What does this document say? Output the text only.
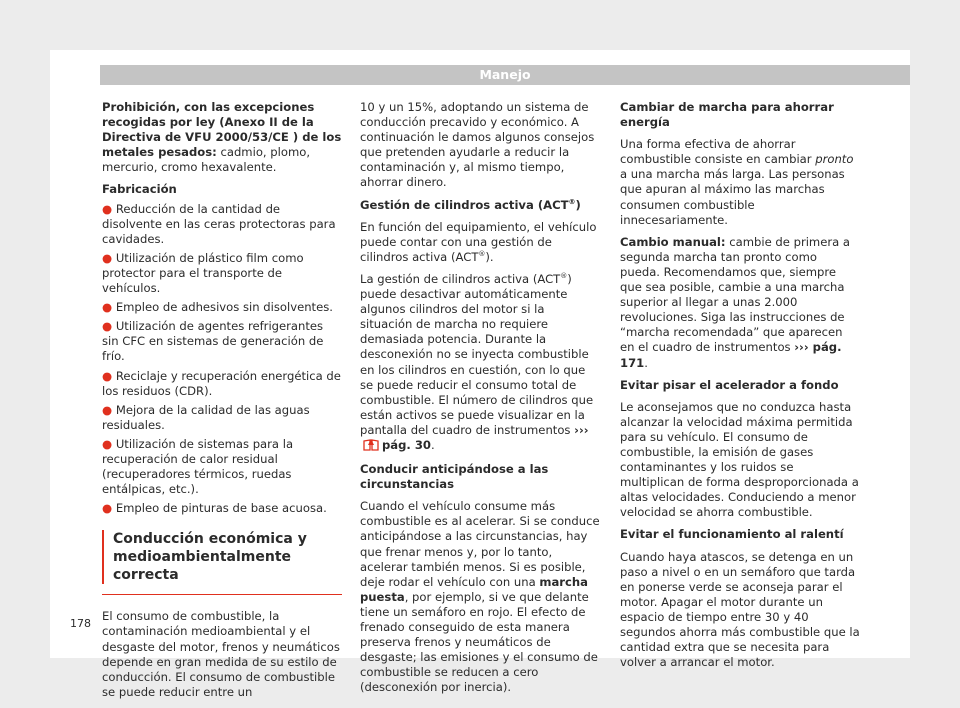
Manejo

Prohibición, con las excepciones recogidas por ley (Anexo II de la Directiva de VFU 2000/53/CE ) de los metales pesados: cadmio, plomo, mercurio, cromo hexavalente.

Fabricación

● Reducción de la cantidad de disolvente en las ceras protectoras para cavidades.
● Utilización de plástico film como protector para el transporte de vehículos.
● Empleo de adhesivos sin disolventes.
● Utilización de agentes refrigerantes sin CFC en sistemas de generación de frío.
● Reciclaje y recuperación energética de los residuos (CDR).
● Mejora de la calidad de las aguas residuales.
● Utilización de sistemas para la recuperación de calor residual (recuperadores térmicos, ruedas entálpicas, etc.).
● Empleo de pinturas de base acuosa.
Conducción económica y medioambientalmente correcta

El consumo de combustible, la contaminación medioambiental y el desgaste del motor, frenos y neumáticos depende en gran medida de su estilo de conducción. El consumo de combustible se puede reducir entre un

10 y un 15%, adoptando un sistema de conducción precavido y económico. A continuación le damos algunos consejos que pretenden ayudarle a reducir la contaminación y, al mismo tiempo, ahorrar dinero.

Gestión de cilindros activa (ACT®)

En función del equipamiento, el vehículo puede contar con una gestión de cilindros activa (ACT®).

La gestión de cilindros activa (ACT®) puede desactivar automáticamente algunos cilindros del motor si la situación de marcha no requiere demasiada potencia. Durante la desconexión no se inyecta combustible en los cilindros en cuestión, con lo que se puede reducir el consumo total de combustible. El número de cilindros que están activos se puede visualizar en la pantalla del cuadro de instrumentos ›››pág. 30.

Conducir anticipándose a las circunstancias

Cuando el vehículo consume más combustible es al acelerar. Si se conduce anticipándose a las circunstancias, hay que frenar menos y, por lo tanto, acelerar también menos. Si es posible, deje rodar el vehículo con una marcha puesta, por ejemplo, si ve que delante tiene un semáforo en rojo. El efecto de frenado conseguido de esta manera preserva frenos y neumáticos de desgaste; las emisiones y el consumo de combustible se reducen a cero (desconexión por inercia).

Cambiar de marcha para ahorrar energía

Una forma efectiva de ahorrar combustible consiste en cambiar pronto a una marcha más larga. Las personas que apuran al máximo las marchas consumen combustible innecesariamente.

Cambio manual: cambie de primera a segunda marcha tan pronto como pueda. Recomendamos que, siempre que sea posible, cambie a una marcha superior al llegar a unas 2.000 revoluciones. Siga las instrucciones de “marcha recomendada” que aparecen en el cuadro de instrumentos ››› pág. 171.

Evitar pisar el acelerador a fondo

Le aconsejamos que no conduzca hasta alcanzar la velocidad máxima permitida para su vehículo. El consumo de combustible, la emisión de gases contaminantes y los ruidos se multiplican de forma desproporcionada a altas velocidades. Conduciendo a menor velocidad se ahorra combustible.

Evitar el funcionamiento al ralentí

Cuando haya atascos, se detenga en un paso a nivel o en un semáforo que tarda en ponerse verde se aconseja parar el motor. Apagar el motor durante un espacio de tiempo entre 30 y 40 segundos ahorra más combustible que la cantidad extra que se necesita para volver a arrancar el motor.

178
